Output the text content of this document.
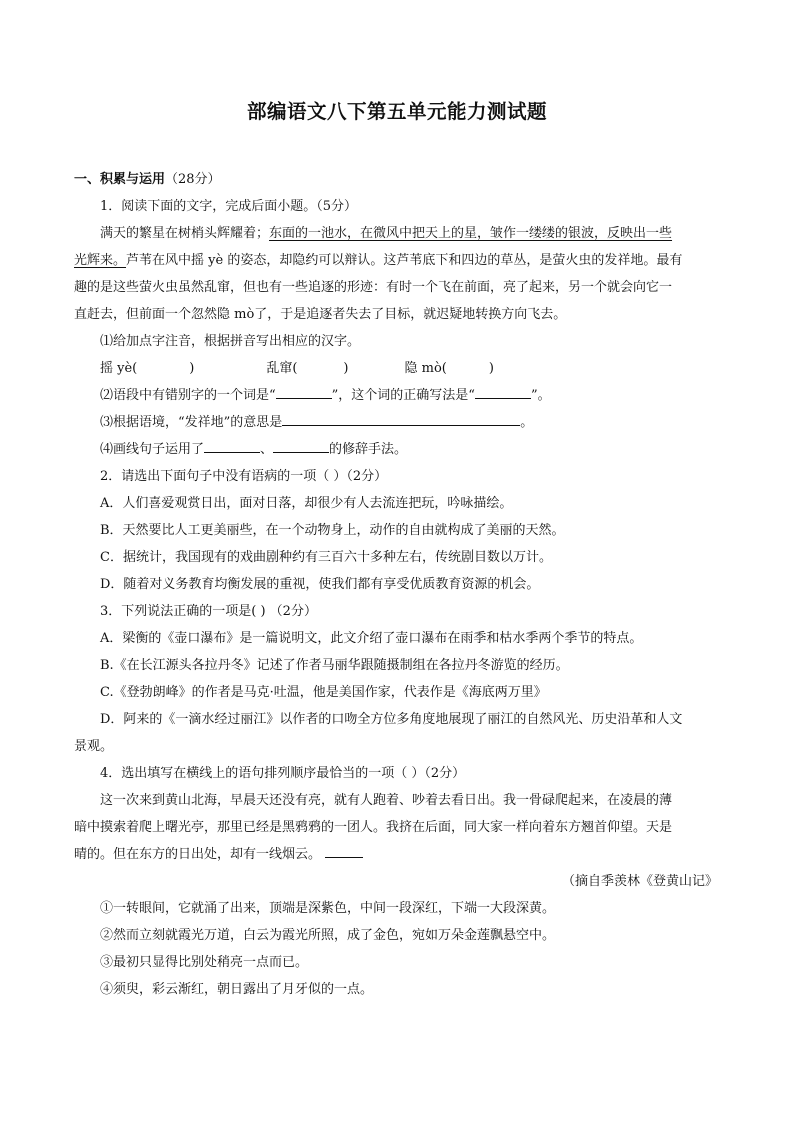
部编语文八下第五单元能力测试题
一、积累与运用（28分）
1．阅读下面的文字，完成后面小题。（5分）
满天的繁星在树梢头辉耀着；东面的一池水，在微风中把天上的星，皱作一缕缕的银波，反映出一些
光辉来。芦苇在风中摇 yè 的姿态，却隐约可以辩认。这芦苇底下和四边的草丛，是萤火虫的发祥地。最有
趣的是这些萤火虫虽然乱窜，但也有一些追逐的形迹：有时一个飞在前面，亮了起来，另一个就会向它一
直赶去，但前面一个忽然隐 mò了，于是追逐者失去了目标，就迟疑地转换方向飞去。
⑴给加点字注音，根据拼音写出相应的汉字。
摇 yè(	)	乱窜(	)	隐 mò(	)
⑵语段中有错别字的一个词是“	”，这个词的正确写法是“	”。
⑶根据语境，“发祥地”的意思是	。
⑷画线句子运用了	、	的修辞手法。
2．请选出下面句子中没有语病的一项（ ）（2分）
A．人们喜爱观赏日出，面对日落，却很少有人去流连把玩，吟咏描绘。
B．天然要比人工更美丽些，在一个动物身上，动作的自由就构成了美丽的天然。
C．据统计，我国现有的戏曲剧种约有三百六十多种左右，传统剧目数以万计。
D．随着对义务教育均衡发展的重视，使我们都有享受优质教育资源的机会。
3．下列说法正确的一项是( ) （2分）
A．梁衡的《壶口瀑布》是一篇说明文，此文介绍了壶口瀑布在雨季和枯水季两个季节的特点。
B.《在长江源头各拉丹冬》记述了作者马丽华跟随摄制组在各拉丹冬游览的经历。
C.《登勃朗峰》的作者是马克·吐温，他是美国作家，代表作是《海底两万里》
D．阿来的《一滴水经过丽江》以作者的口吻全方位多角度地展现了丽江的自然风光、历史沿革和人文
景观。
4．选出填写在横线上的语句排列顺序最恰当的一项（ ）（2分）
这一次来到黄山北海，早晨天还没有亮，就有人跑着、吵着去看日出。我一骨碌爬起来，在凌晨的薄
暗中摸索着爬上曙光亭，那里已经是黑鸦鸦的一团人。我挤在后面，同大家一样向着东方翘首仰望。天是
晴的。但在东方的日出处，却有一线烟云。
（摘自季羡林《登黄山记》
①一转眼间，它就涌了出来，顶端是深紫色，中间一段深红，下端一大段深黄。
②然而立刻就霞光万道，白云为霞光所照，成了金色，宛如万朵金莲飘悬空中。
③最初只显得比别处稍亮一点而已。
④须臾，彩云渐红，朝日露出了月牙似的一点。
